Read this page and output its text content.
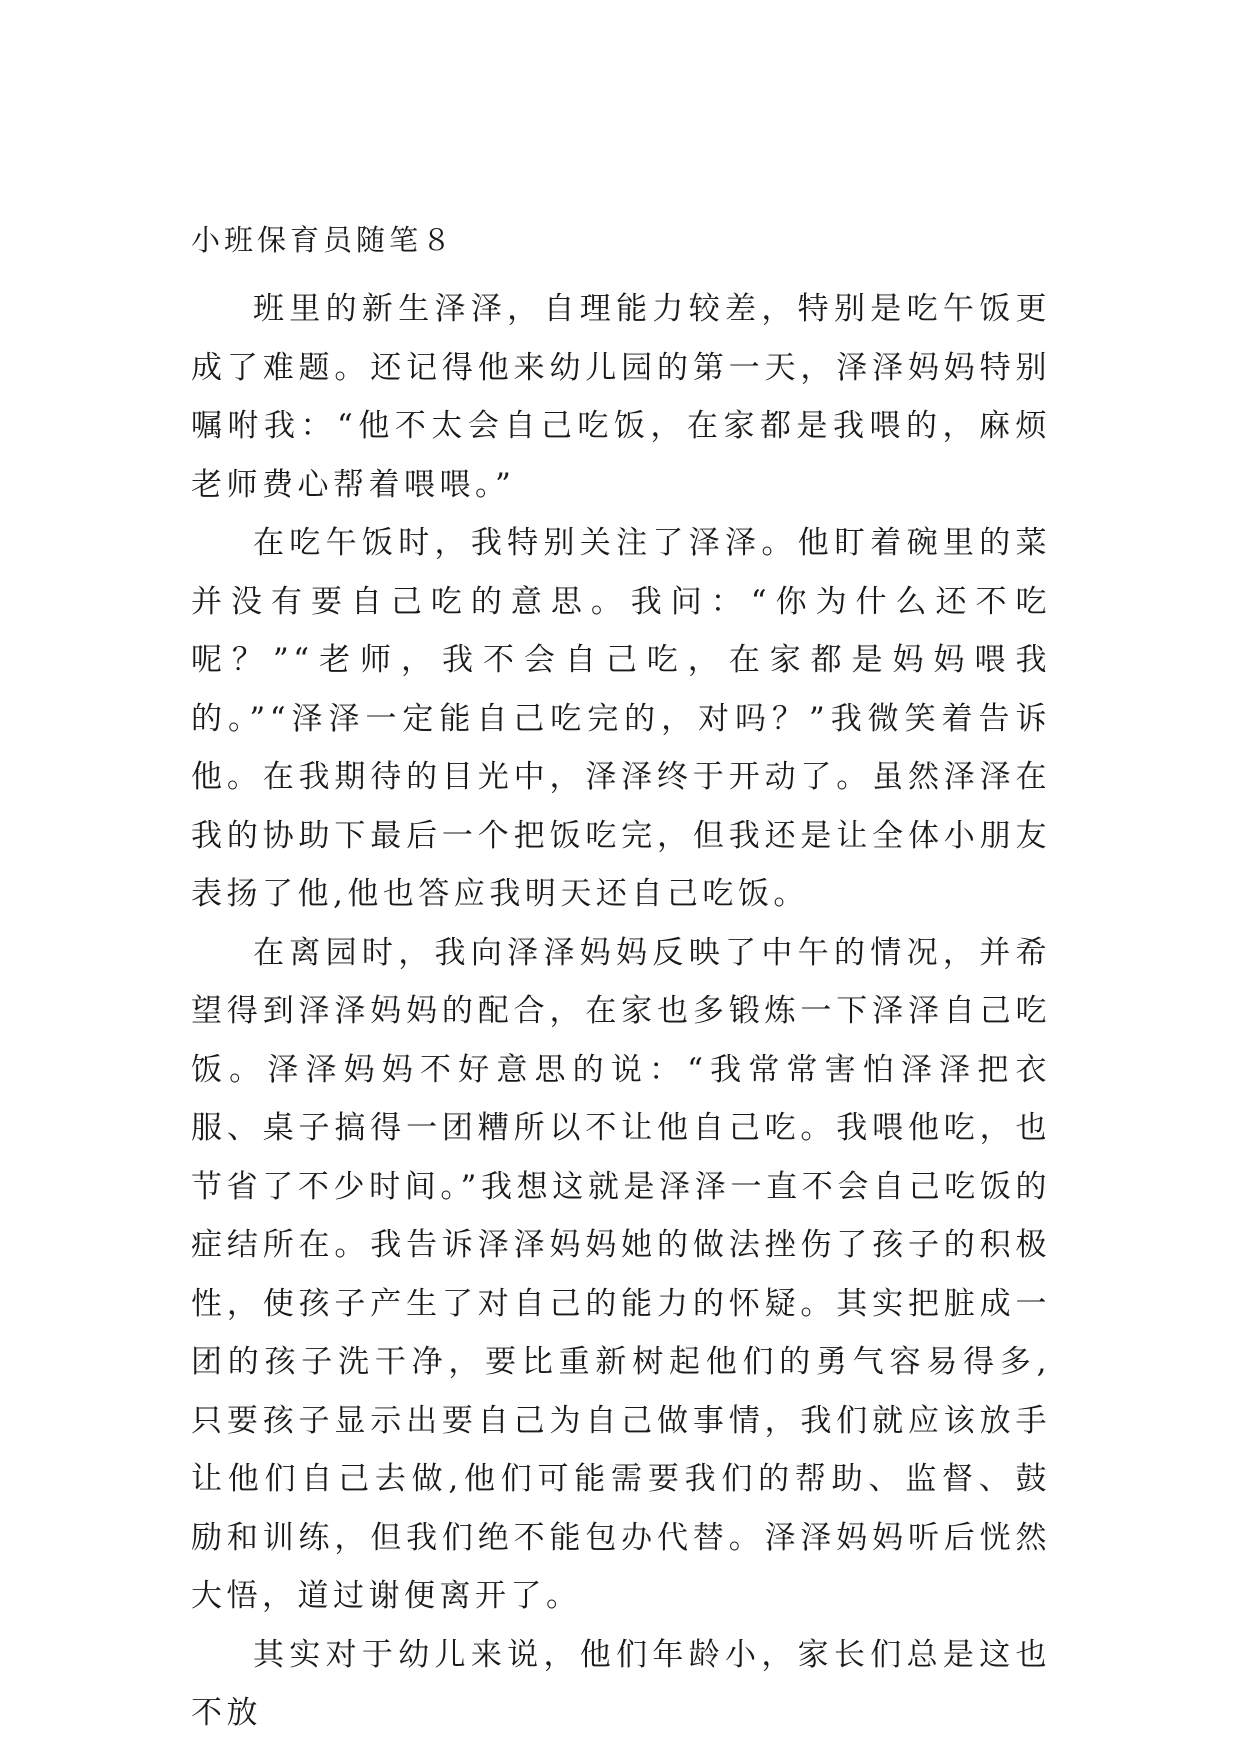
小班保育员随笔８

班里的新生泽泽，自理能力较差，特别是吃午饭更成了难题。还记得他来幼儿园的第一天，泽泽妈妈特别嘱咐我：“他不太会自己吃饭，在家都是我喂的，麻烦老师费心帮着喂喂。”

在吃午饭时，我特别关注了泽泽。他盯着碗里的菜并没有要自己吃的意思。我问：“你为什么还不吃呢？”“老师，我不会自己吃，在家都是妈妈喂我的。”“泽泽一定能自己吃完的，对吗？”我微笑着告诉他。在我期待的目光中，泽泽终于开动了。虽然泽泽在我的协助下最后一个把饭吃完，但我还是让全体小朋友表扬了他,他也答应我明天还自己吃饭。

在离园时，我向泽泽妈妈反映了中午的情况，并希望得到泽泽妈妈的配合，在家也多锻炼一下泽泽自己吃饭。泽泽妈妈不好意思的说：“我常常害怕泽泽把衣服、桌子搞得一团糟所以不让他自己吃。我喂他吃，也节省了不少时间。”我想这就是泽泽一直不会自己吃饭的症结所在。我告诉泽泽妈妈她的做法挫伤了孩子的积极性，使孩子产生了对自己的能力的怀疑。其实把脏成一团的孩子洗干净，要比重新树起他们的勇气容易得多,只要孩子显示出要自己为自己做事情，我们就应该放手让他们自己去做,他们可能需要我们的帮助、监督、鼓励和训练，但我们绝不能包办代替。泽泽妈妈听后恍然大悟，道过谢便离开了。

其实对于幼儿来说，他们年龄小，家长们总是这也不放
